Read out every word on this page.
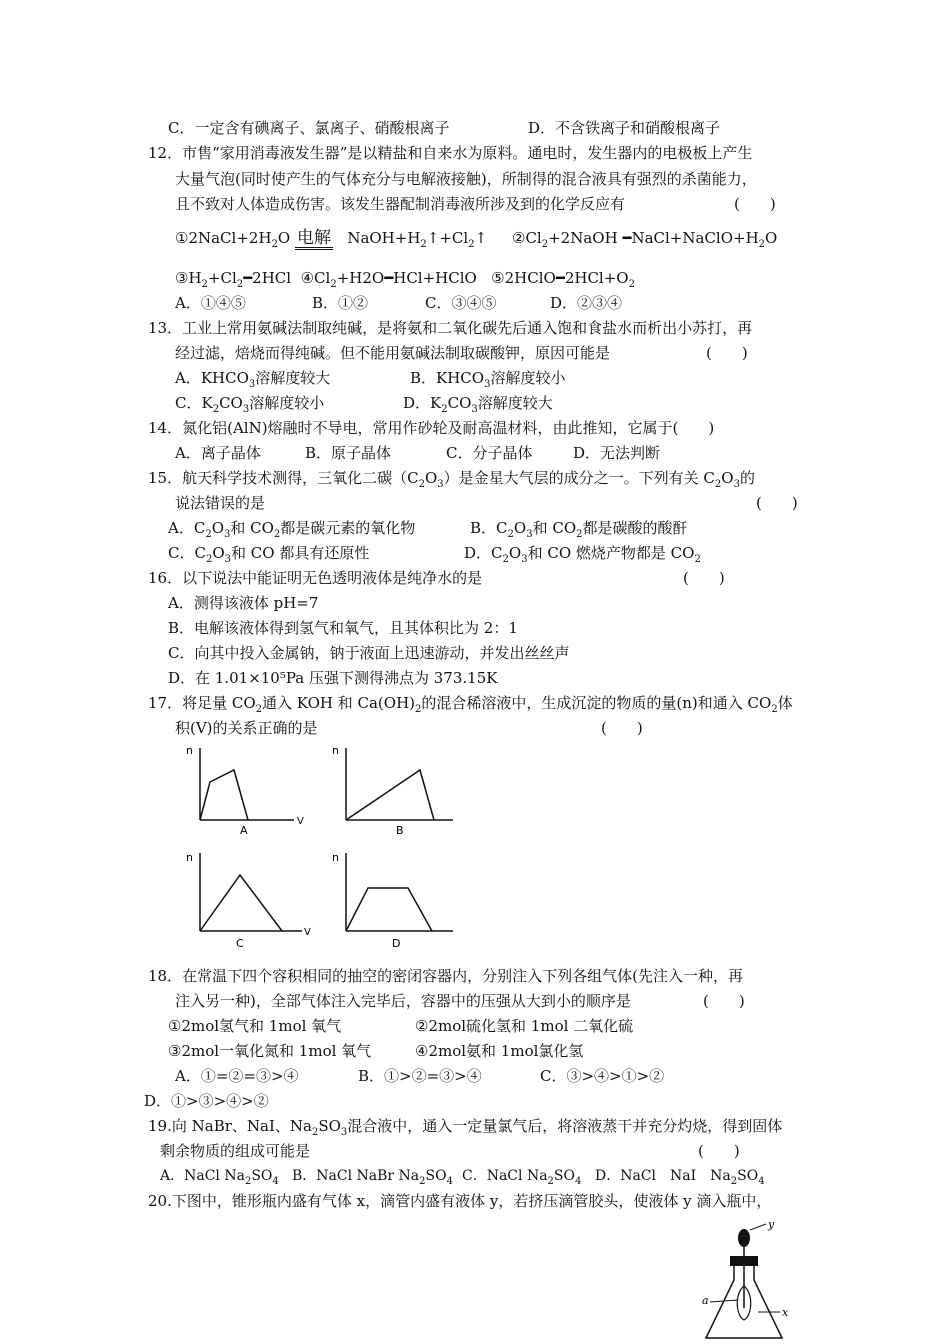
C．一定含有碘离子、氯离子、硝酸根离子	D．不含铁离子和硝酸根离子
12．市售“家用消毒液发生器”是以精盐和自来水为原料。通电时，发生器内的电极板上产生
大量气泡(同时使产生的气体充分与电解液接触)，所制得的混合液具有强烈的杀菌能力，
且不致对人体造成伤害。该发生器配制消毒液所涉及到的化学反应有	(　　)
$①2NaCl+2H_2O$ 电解 $NaOH+H_2↑+Cl_2↑$ $②Cl_2+2NaOH$ $━NaCl+NaClO+H_2O$
$③H_2+Cl_2━2HCl$ $④Cl_2+H2O━HCl+HClO$ $⑤2HClO━2HCl+O_2$
A．①④⑤	B．①②	C．③④⑤	D．②③④
13．工业上常用氨碱法制取纯碱，是将氨和二氧化碳先后通入饱和食盐水而析出小苏打，再
经过滤，焙烧而得纯碱。但不能用氨碱法制取碳酸钾，原因可能是	(　　)
A．$KHCO_3$溶解度较大	B．$KHCO_3$溶解度较小
C．$K_2CO_3$溶解度较小	D．$K_2CO_3$溶解度较大
14．氮化铝(AlN)熔融时不导电，常用作砂轮及耐高温材料，由此推知，它属于(　　)
A．离子晶体	B．原子晶体	C．分子晶体	D．无法判断
15．航天科学技术测得，三氧化二碳$(C_2O_3)$是金星大气层的成分之一。下列有关 $C_2O_3$的
说法错误的是	(　　)
A．$C_2O_3$和 $CO_2$都是碳元素的氧化物	B．$C_2O_3$和 $CO_2$都是碳酸的酸酐
C．$C_2O_3$和 CO 都具有还原性	D．$C_2O_3$和 CO 燃烧产物都是 $CO_2$
16．以下说法中能证明无色透明液体是纯净水的是	(　　)
A．测得该液体 pH=7
B．电解该液体得到氢气和氧气，且其体积比为 2：1
C．向其中投入金属钠，钠于液面上迅速游动，并发出丝丝声
D．在 1.01×10⁵Pa 压强下测得沸点为 373.15K
17．将足量 $CO_2$通入 KOH 和 $Ca(OH)_2$的混合稀溶液中，生成沉淀的物质的量(n)和通入 $CO_2$体
积(V)的关系正确的是	(　　)
n
V
A
n
B
n
V
C
n
D
18．在常温下四个容积相同的抽空的密闭容器内，分别注入下列各组气体(先注入一种，再
注入另一种)，全部气体注入完毕后，容器中的压强从大到小的顺序是	(　　)
①2mol氢气和 1mol 氧气	②2mol硫化氢和 1mol 二氧化硫
③2mol一氧化氮和 1mol 氧气	④2mol氨和 1mol氯化氢
A．①=②=③>④	B．①>②=③>④	C．③>④>①>②
D．①>③>④>②
19.向 NaBr、NaI、$Na_2SO_3$混合液中，通入一定量氯气后，将溶液蒸干并充分灼烧，得到固体
剩余物质的组成可能是	(　　)
A．NaCl $Na_2SO_4$ B．NaCl NaBr $Na_2SO_4$ C．NaCl $Na_2SO_4$ D．NaCl　NaI　$Na_2SO_4$
20.下图中，锥形瓶内盛有气体 x，滴管内盛有液体 y，若挤压滴管胶头，使液体 y 滴入瓶中，
y
a
x
